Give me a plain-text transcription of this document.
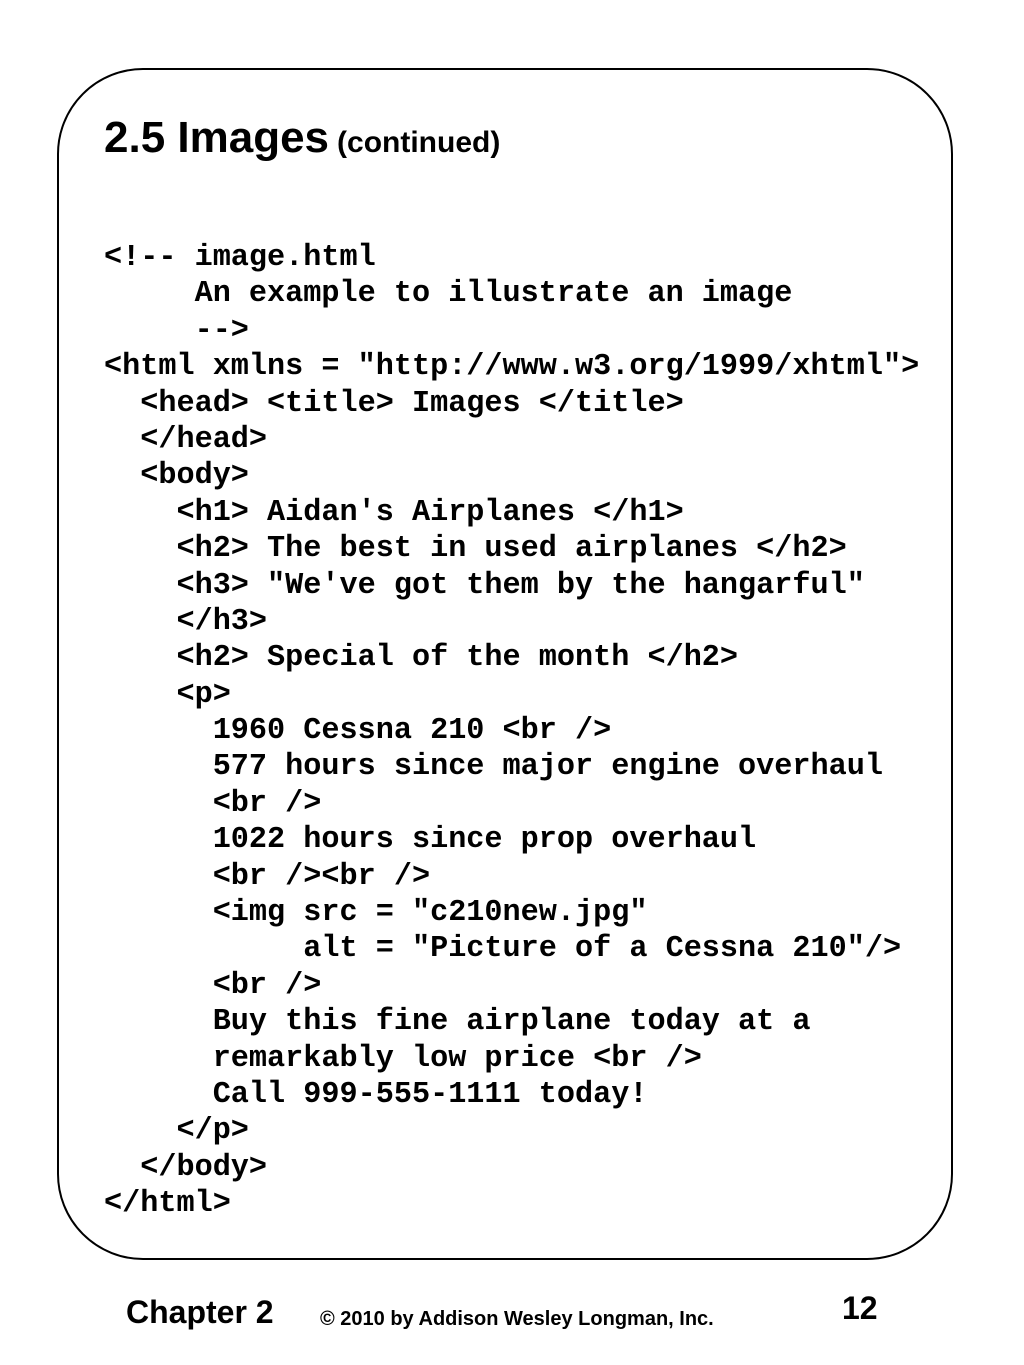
2.5 Images (continued)
<!-- image.html
An example to illustrate an image
-->
<html xmlns = ″http://www.w3.org/1999/xhtml″>
<head> <title> Images </title>
</head>
<body>
<h1> Aidan's Airplanes </h1>
<h2> The best in used airplanes </h2>
<h3> "We've got them by the hangarful"
</h3>
<h2> Special of the month </h2>
<p>
1960 Cessna 210 <br />
577 hours since major engine overhaul
<br />
1022 hours since prop overhaul
<br /><br />
<img src = "c210new.jpg"
alt = "Picture of a Cessna 210"/>
<br />
Buy this fine airplane today at a
remarkably low price <br />
Call 999-555-1111 today!
</p>
</body>
</html>
Chapter 2 © 2010 by Addison Wesley Longman, Inc.	12
